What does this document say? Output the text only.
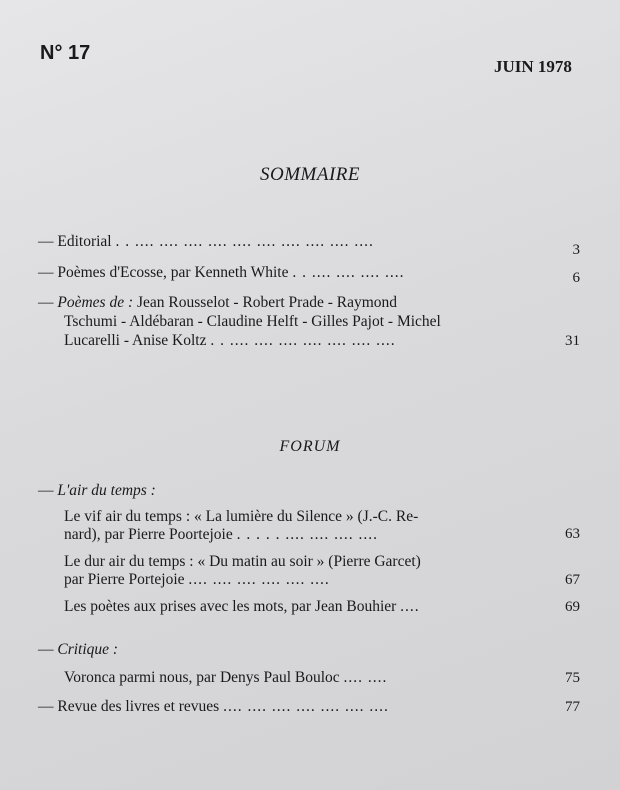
N° 17
JUIN 1978
SOMMAIRE
— Editorial . . .... .... .... .... .... .... .... .... .... ....	3
— Poèmes d'Ecosse, par Kenneth White . . .... .... .... ....	6
— Poèmes de : Jean Rousselot - Robert Prade - Raymond
Tschumi - Aldébaran - Claudine Helft - Gilles Pajot - Michel
Lucarelli - Anise Koltz . . .... .... .... .... .... .... ....	31
FORUM
— L'air du temps :
Le vif air du temps : « La lumière du Silence » (J.-C. Re-
nard), par Pierre Poortejoie . . . . . .... .... .... ....	63
Le dur air du temps : « Du matin au soir » (Pierre Garcet)
par Pierre Portejoie .... .... .... .... .... ....	67
Les poètes aux prises avec les mots, par Jean Bouhier ....	69
— Critique :
Voronca parmi nous, par Denys Paul Bouloc .... ....	75
— Revue des livres et revues .... .... .... .... .... .... ....	77
